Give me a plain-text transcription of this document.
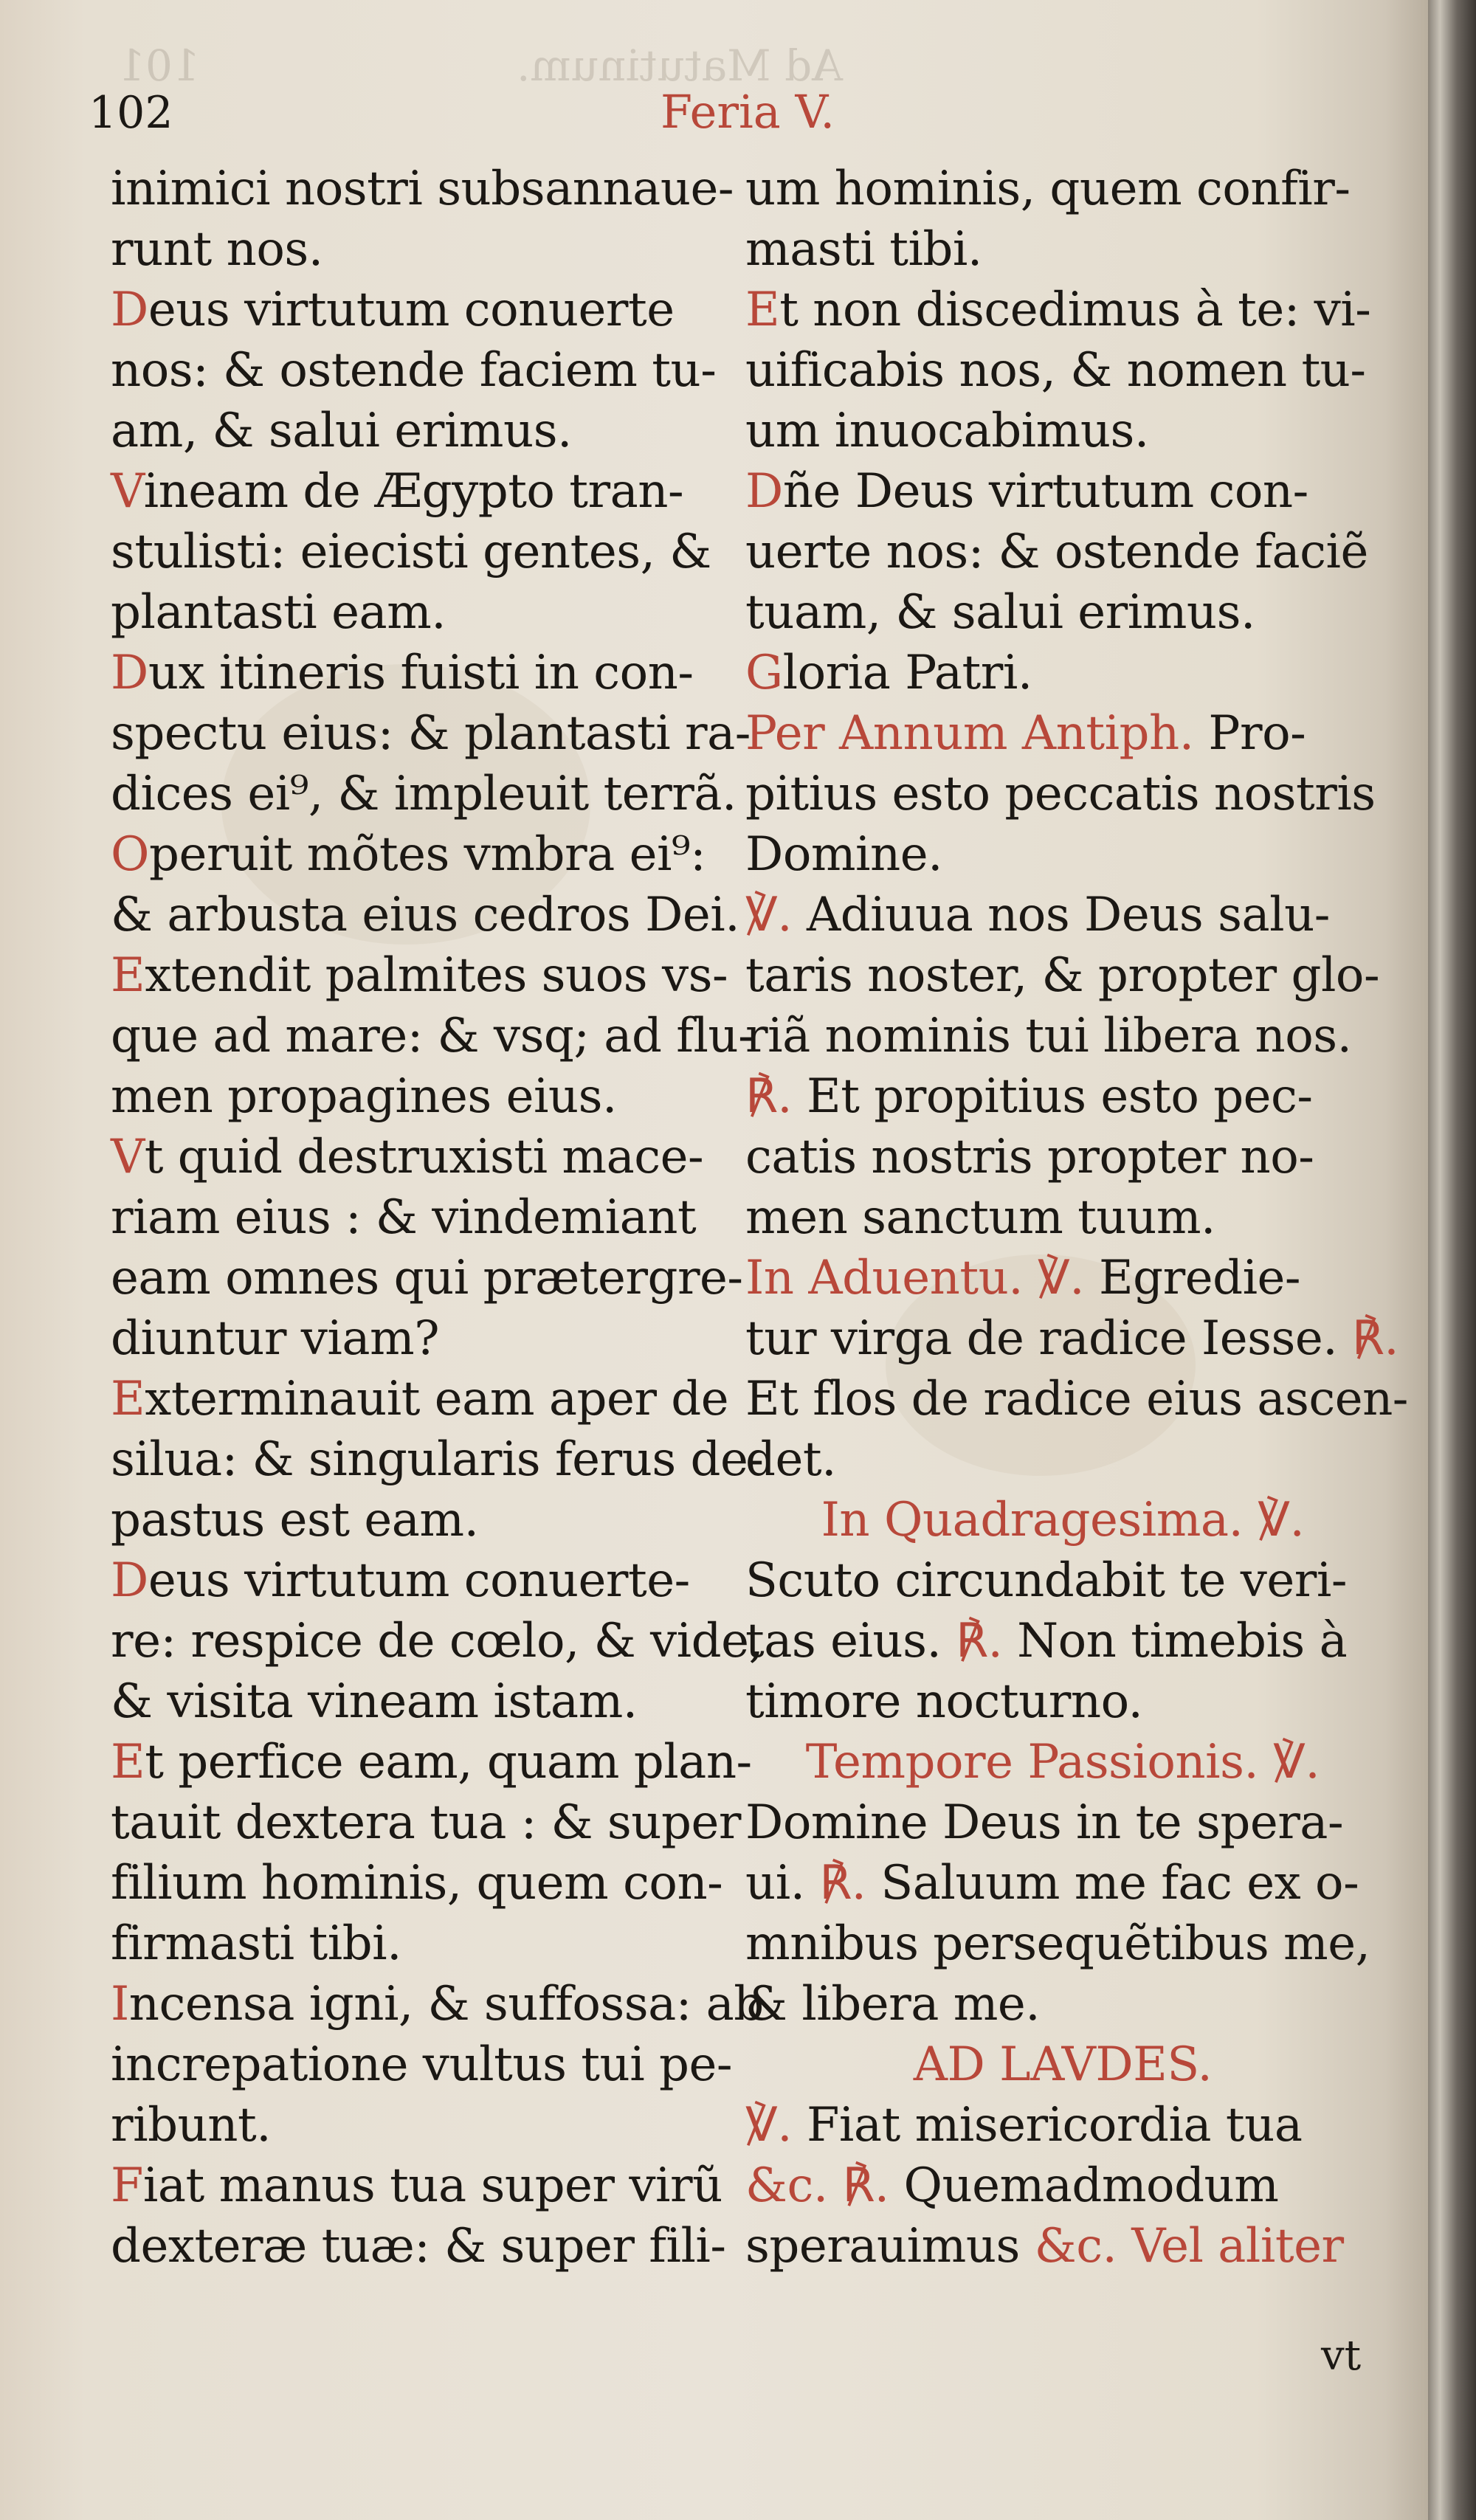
101	Ad Matutinum.
102	Feria V.
inimici nostri subsannaue-
runt nos.
Deus virtutum conuerte
nos: & ostende faciem tu-
am, & salui erimus.
Vineam de Ægypto tran-
stulisti: eiecisti gentes, &
plantasti eam.
Dux itineris fuisti in con-
spectu eius: & plantasti ra-
dices ei⁹, & impleuit terrã.
Operuit mõtes vmbra ei⁹:
& arbusta eius cedros Dei.
Extendit palmites suos vs-
que ad mare: & vsq; ad flu-
men propagines eius.
Vt quid destruxisti mace-
riam eius : & vindemiant
eam omnes qui prætergre-
diuntur viam?
Exterminauit eam aper de
silua: & singularis ferus de-
pastus est eam.
Deus virtutum conuerte-
re: respice de cœlo, & vide,
& visita vineam istam.
Et perfice eam, quam plan-
tauit dextera tua : & super
filium hominis, quem con-
firmasti tibi.
Incensa igni, & suffossa: ab
increpatione vultus tui pe-
ribunt.
Fiat manus tua super virũ
dexteræ tuæ: & super fili-
um hominis, quem confir-
masti tibi.
Et non discedimus à te: vi-
uificabis nos, & nomen tu-
um inuocabimus.
Dñe Deus virtutum con-
uerte nos: & ostende faciẽ
tuam, & salui erimus.
Gloria Patri.
Per Annum Antiph. Pro-
pitius esto peccatis nostris
Domine.
℣. Adiuua nos Deus salu-
taris noster, & propter glo-
riã nominis tui libera nos.
℟. Et propitius esto pec-
catis nostris propter no-
men sanctum tuum.
In Aduentu. ℣. Egredie-
tur virga de radice Iesse. ℟.
Et flos de radice eius ascen-
det.
In Quadragesima. ℣.
Scuto circundabit te veri-
tas eius. ℟. Non timebis à
timore nocturno.
Tempore Passionis. ℣.
Domine Deus in te spera-
ui. ℟. Saluum me fac ex o-
mnibus persequẽtibus me,
& libera me.
AD LAVDES.
℣. Fiat misericordia tua
&c. ℟. Quemadmodum
sperauimus &c. Vel aliter
vt
